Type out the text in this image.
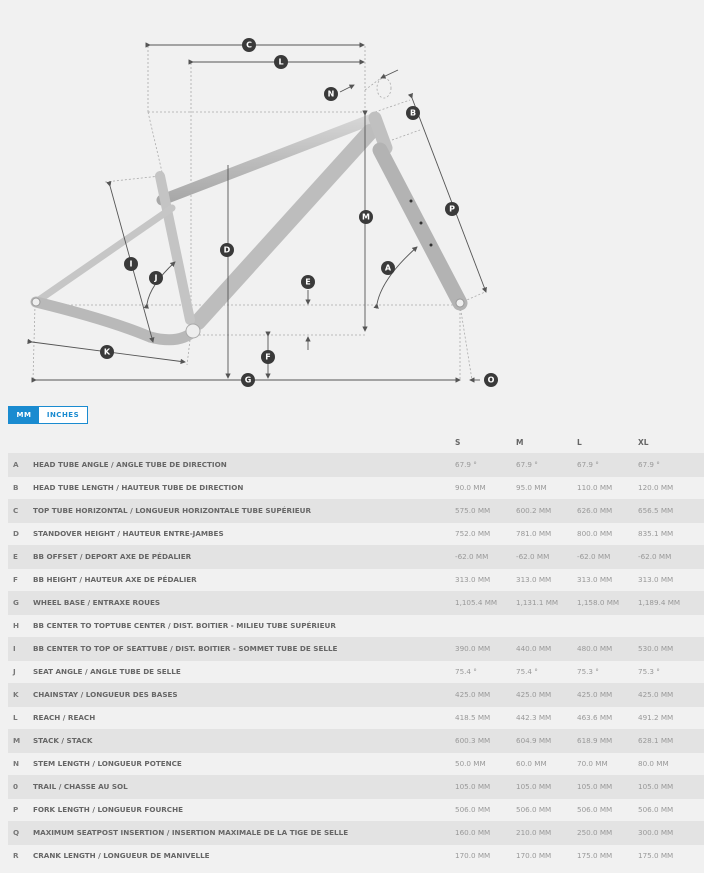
C
L
N
B
P
M
D
I
J
A
E
K
F
G	O
MM	INCHES
		S	M	L	XL
A	HEAD TUBE ANGLE / ANGLE TUBE DE DIRECTION	67.9 °	67.9 °	67.9 °	67.9 °
B	HEAD TUBE LENGTH / HAUTEUR TUBE DE DIRECTION	90.0 MM	95.0 MM	110.0 MM	120.0 MM
C	TOP TUBE HORIZONTAL / LONGUEUR HORIZONTALE TUBE SUPÉRIEUR	575.0 MM	600.2 MM	626.0 MM	656.5 MM
D	STANDOVER HEIGHT / HAUTEUR ENTRE-JAMBES	752.0 MM	781.0 MM	800.0 MM	835.1 MM
E	BB OFFSET / DEPORT AXE DE PÉDALIER	-62.0 MM	-62.0 MM	-62.0 MM	-62.0 MM
F	BB HEIGHT / HAUTEUR AXE DE PÉDALIER	313.0 MM	313.0 MM	313.0 MM	313.0 MM
G	WHEEL BASE / ENTRAXE ROUES	1,105.4 MM	1,131.1 MM	1,158.0 MM	1,189.4 MM
H	BB CENTER TO TOPTUBE CENTER / DIST. BOITIER - MILIEU TUBE SUPÉRIEUR				
I	BB CENTER TO TOP OF SEATTUBE / DIST. BOITIER - SOMMET TUBE DE SELLE	390.0 MM	440.0 MM	480.0 MM	530.0 MM
J	SEAT ANGLE / ANGLE TUBE DE SELLE	75.4 °	75.4 °	75.3 °	75.3 °
K	CHAINSTAY / LONGUEUR DES BASES	425.0 MM	425.0 MM	425.0 MM	425.0 MM
L	REACH / REACH	418.5 MM	442.3 MM	463.6 MM	491.2 MM
M	STACK / STACK	600.3 MM	604.9 MM	618.9 MM	628.1 MM
N	STEM LENGTH / LONGUEUR POTENCE	50.0 MM	60.0 MM	70.0 MM	80.0 MM
0	TRAIL / CHASSE AU SOL	105.0 MM	105.0 MM	105.0 MM	105.0 MM
P	FORK LENGTH / LONGUEUR FOURCHE	506.0 MM	506.0 MM	506.0 MM	506.0 MM
Q	MAXIMUM SEATPOST INSERTION / INSERTION MAXIMALE DE LA TIGE DE SELLE	160.0 MM	210.0 MM	250.0 MM	300.0 MM
R	CRANK LENGTH / LONGUEUR DE MANIVELLE	170.0 MM	170.0 MM	175.0 MM	175.0 MM
